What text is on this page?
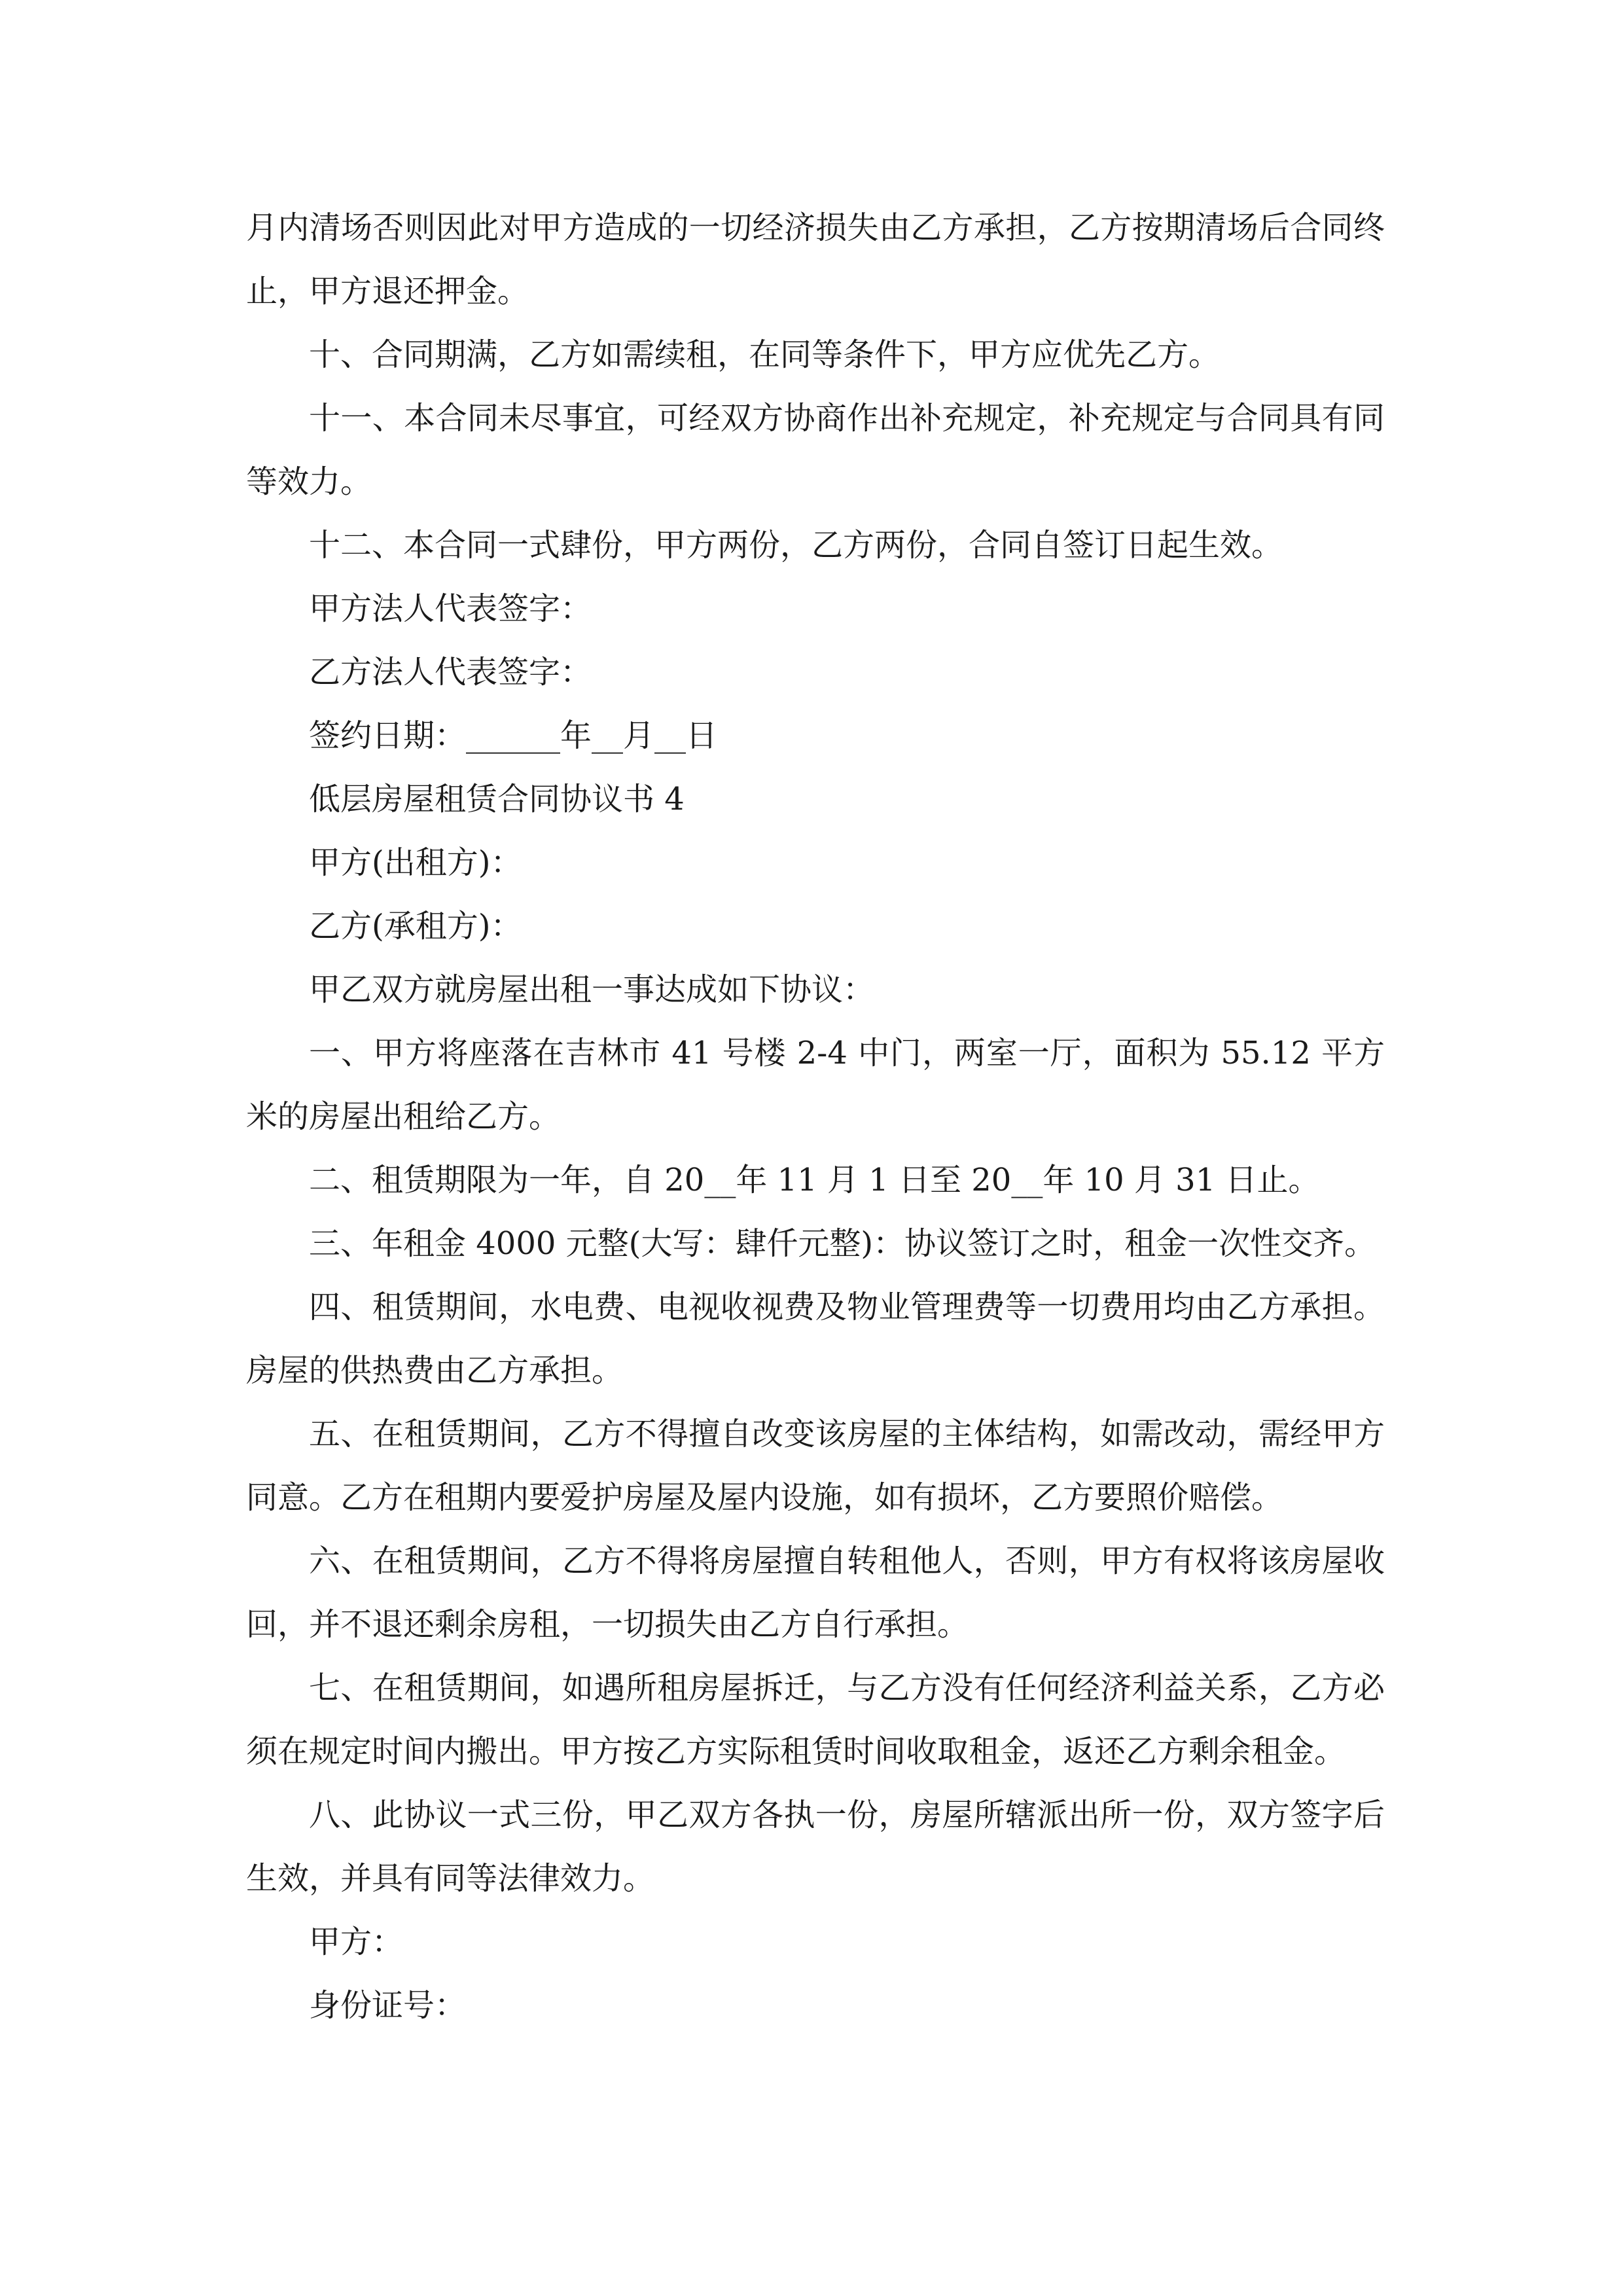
月内清场否则因此对甲方造成的一切经济损失由乙方承担，乙方按期清场后合同终止，甲方退还押金。

十、合同期满，乙方如需续租，在同等条件下，甲方应优先乙方。

十一、本合同未尽事宜，可经双方协商作出补充规定，补充规定与合同具有同等效力。

十二、本合同一式肆份，甲方两份，乙方两份，合同自签订日起生效。

甲方法人代表签字：

乙方法人代表签字：

签约日期：______年__月__日

低层房屋租赁合同协议书 4

甲方(出租方)：

乙方(承租方)：

甲乙双方就房屋出租一事达成如下协议：

一、甲方将座落在吉林市 41 号楼 2-4 中门，两室一厅，面积为 55.12 平方米的房屋出租给乙方。

二、租赁期限为一年，自 20__年 11 月 1 日至 20__年 10 月 31 日止。

三、年租金 4000 元整(大写：肆仟元整)：协议签订之时，租金一次性交齐。

四、租赁期间，水电费、电视收视费及物业管理费等一切费用均由乙方承担。房屋的供热费由乙方承担。

五、在租赁期间，乙方不得擅自改变该房屋的主体结构，如需改动，需经甲方同意。乙方在租期内要爱护房屋及屋内设施，如有损坏，乙方要照价赔偿。

六、在租赁期间，乙方不得将房屋擅自转租他人，否则，甲方有权将该房屋收回，并不退还剩余房租，一切损失由乙方自行承担。

七、在租赁期间，如遇所租房屋拆迁，与乙方没有任何经济利益关系，乙方必须在规定时间内搬出。甲方按乙方实际租赁时间收取租金，返还乙方剩余租金。

八、此协议一式三份，甲乙双方各执一份，房屋所辖派出所一份，双方签字后生效，并具有同等法律效力。

甲方：

身份证号：
